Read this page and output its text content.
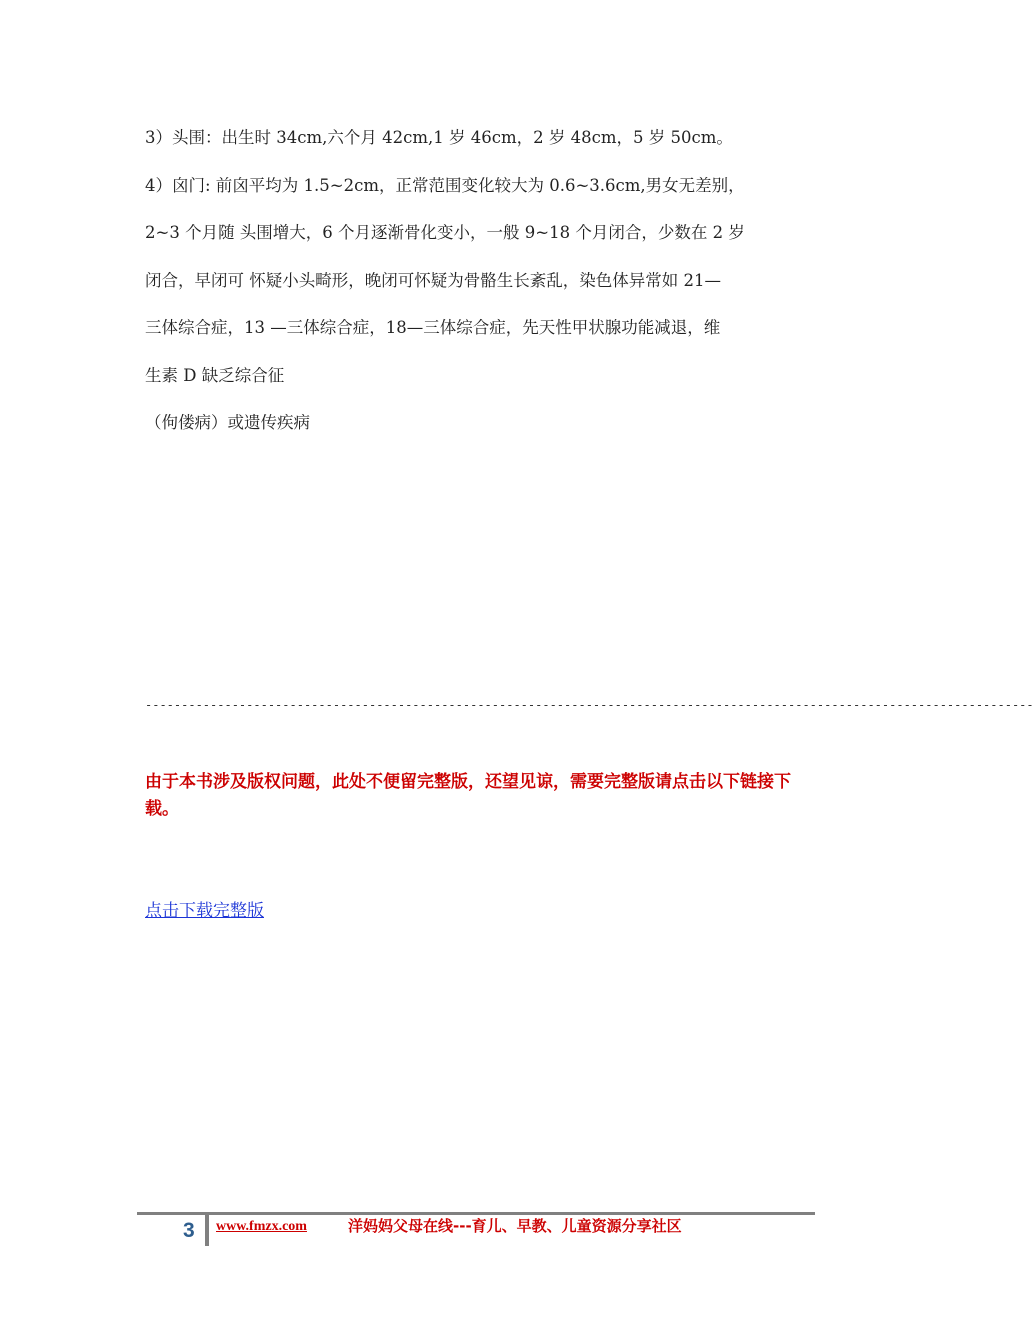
3）头围：出生时 34cm,六个月 42cm,1 岁 46cm，2 岁 48cm，5 岁 50cm。
4）囟门: 前囟平均为 1.5~2cm，正常范围变化较大为 0.6~3.6cm,男女无差别，
2~3 个月随 头围增大，6 个月逐渐骨化变小，一般 9~18 个月闭合，少数在 2 岁
闭合，早闭可 怀疑小头畸形，晚闭可怀疑为骨骼生长紊乱，染色体异常如 21—
三体综合症，13 —三体综合症，18—三体综合症，先天性甲状腺功能减退，维
生素 D 缺乏综合征
（佝偻病）或遗传疾病
---------------------------------------------------------------------------------------------------------------------------
由于本书涉及版权问题，此处不便留完整版，还望见谅，需要完整版请点击以下链接下载。
点击下载完整版
3 www.fmzx.com	洋妈妈父母在线---育儿、早教、儿童资源分享社区
